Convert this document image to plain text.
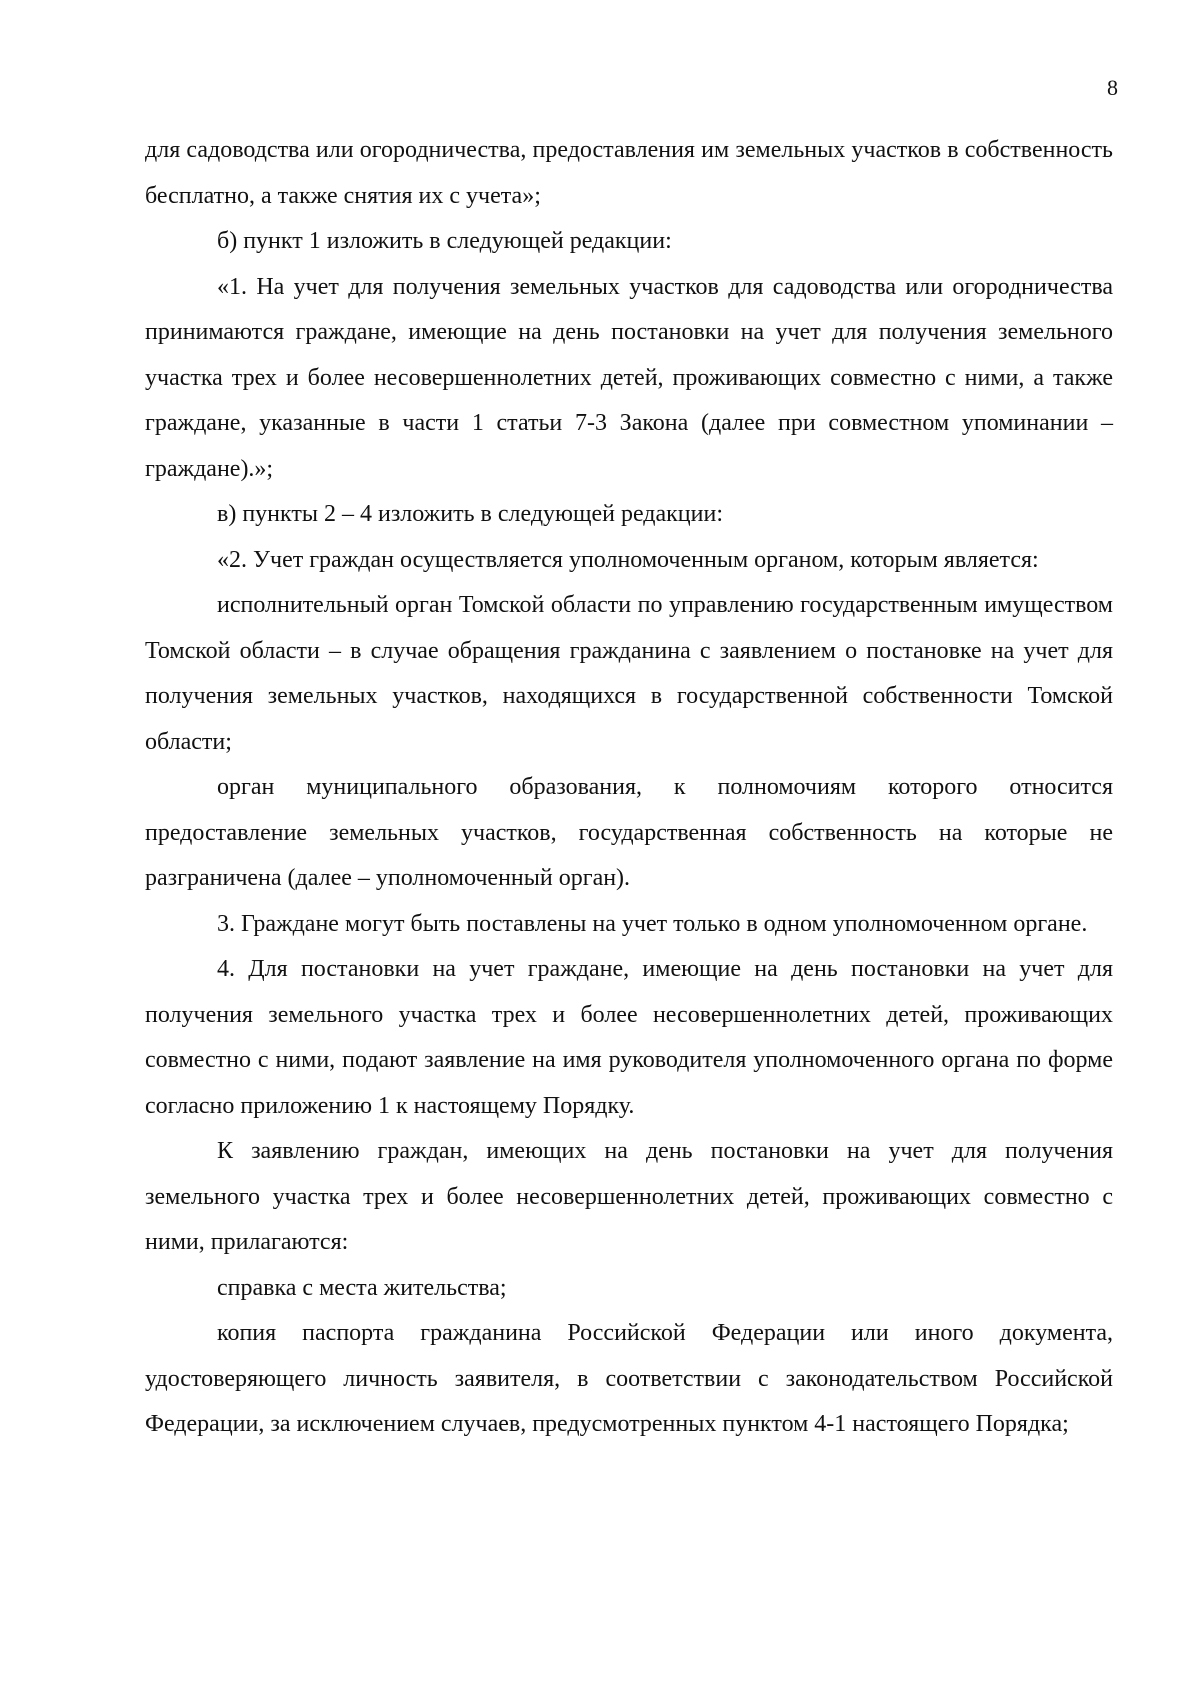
8

для садоводства или огородничества, предоставления им земельных участков в собственность бесплатно, а также снятия их с учета»;

б) пункт 1 изложить в следующей редакции:

«1. На учет для получения земельных участков для садоводства или огородничества принимаются граждане, имеющие на день постановки на учет для получения земельного участка трех и более несовершеннолетних детей, проживающих совместно с ними, а также граждане, указанные в части 1 статьи 7-3 Закона (далее при совместном упоминании – граждане).»;

в) пункты 2 – 4 изложить в следующей редакции:

«2. Учет граждан осуществляется уполномоченным органом, которым является:

исполнительный орган Томской области по управлению государственным имуществом Томской области – в случае обращения гражданина с заявлением о постановке на учет для получения земельных участков, находящихся в государственной собственности Томской области;

орган муниципального образования, к полномочиям которого относится предоставление земельных участков, государственная собственность на которые не разграничена (далее – уполномоченный орган).

3. Граждане могут быть поставлены на учет только в одном уполномоченном органе.

4. Для постановки на учет граждане, имеющие на день постановки на учет для получения земельного участка трех и более несовершеннолетних детей, проживающих совместно с ними, подают заявление на имя руководителя уполномоченного органа по форме согласно приложению 1 к настоящему Порядку.

К заявлению граждан, имеющих на день постановки на учет для получения земельного участка трех и более несовершеннолетних детей, проживающих совместно с ними, прилагаются:

справка с места жительства;

копия паспорта гражданина Российской Федерации или иного документа, удостоверяющего личность заявителя, в соответствии с законодательством Российской Федерации, за исключением случаев, предусмотренных пунктом 4-1 настоящего Порядка;
